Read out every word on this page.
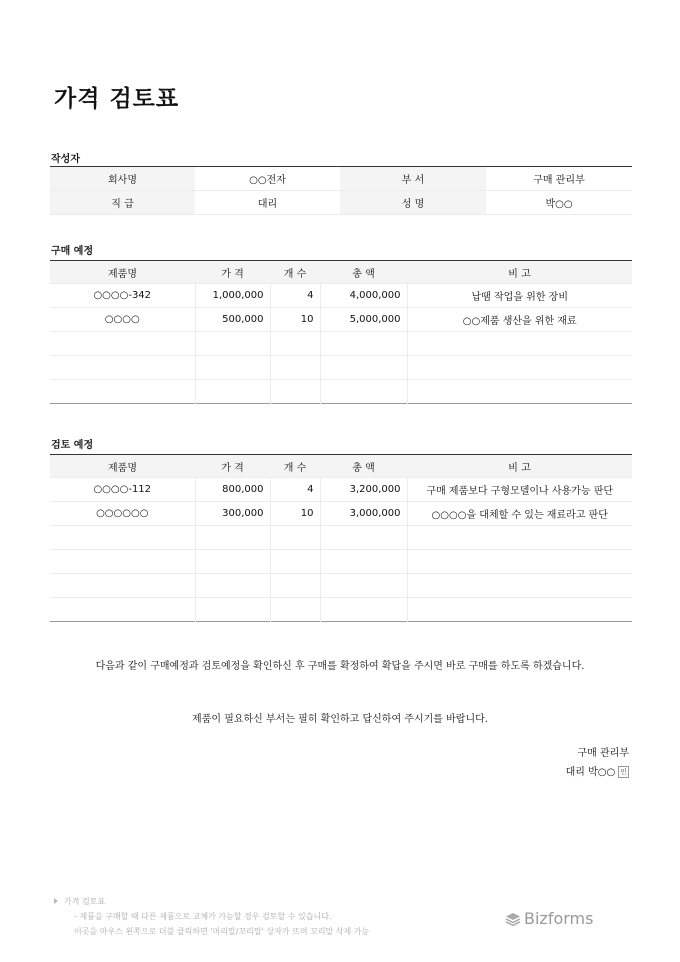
가격 검토표
작성자
회사명	○○전자	부 서	구매 관리부
직 급	대리	성 명	박○○
구매 예정
제품명	가 격	개 수	총 액	비 고
○○○○-342	1,000,000	4	4,000,000	납땜 작업을 위한 장비
○○○○	500,000	10	5,000,000	○○제품 생산을 위한 재료

검토 예정
제품명	가 격	개 수	총 액	비 고
○○○○-112	800,000	4	3,200,000	구매 제품보다 구형모델이나 사용가능 판단
○○○○○○	300,000	10	3,000,000	○○○○을 대체할 수 있는 재료라고 판단

다음과 같이 구매예정과 검토예정을 확인하신 후 구매를 확정하여 확답을 주시면 바로 구매를 하도록 하겠습니다.
제품이 필요하신 부서는 필히 확인하고 답신하여 주시기를 바랍니다.
구매 관리부
대리 박○○ 인
가격 검토표
- 제품을 구매할 때 다른 제품으로 교체가 가능할 경우 검토할 수 있습니다.
이곳을 마우스 왼쪽으로 더블 클릭하면 '머리말/꼬리말' 상자가 뜨며 꼬리말 삭제 가능
Bizforms
